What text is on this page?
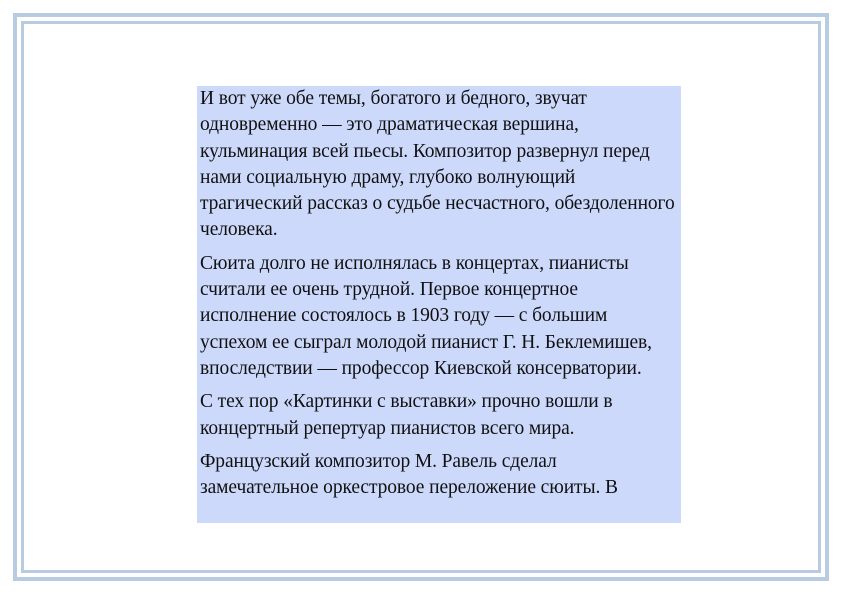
И вот уже обе темы, богатого и бедного, звучат одновременно — это драматическая вершина, кульминация всей пьесы. Композитор развернул перед нами социальную драму, глубоко волнующий трагический рассказ о судьбе несчастного, обездоленного человека.

Сюита долго не исполнялась в концертах, пианисты считали ее очень трудной. Первое концертное исполнение состоялось в 1903 году — с большим успехом ее сыграл молодой пианист Г. Н. Беклемишев, впоследствии — профессор Киевской консерватории.

С тех пор «Картинки с выставки» прочно вошли в концертный репертуар пианистов всего мира.

Французский композитор М. Равель сделал замечательное оркестровое переложение сюиты. В
